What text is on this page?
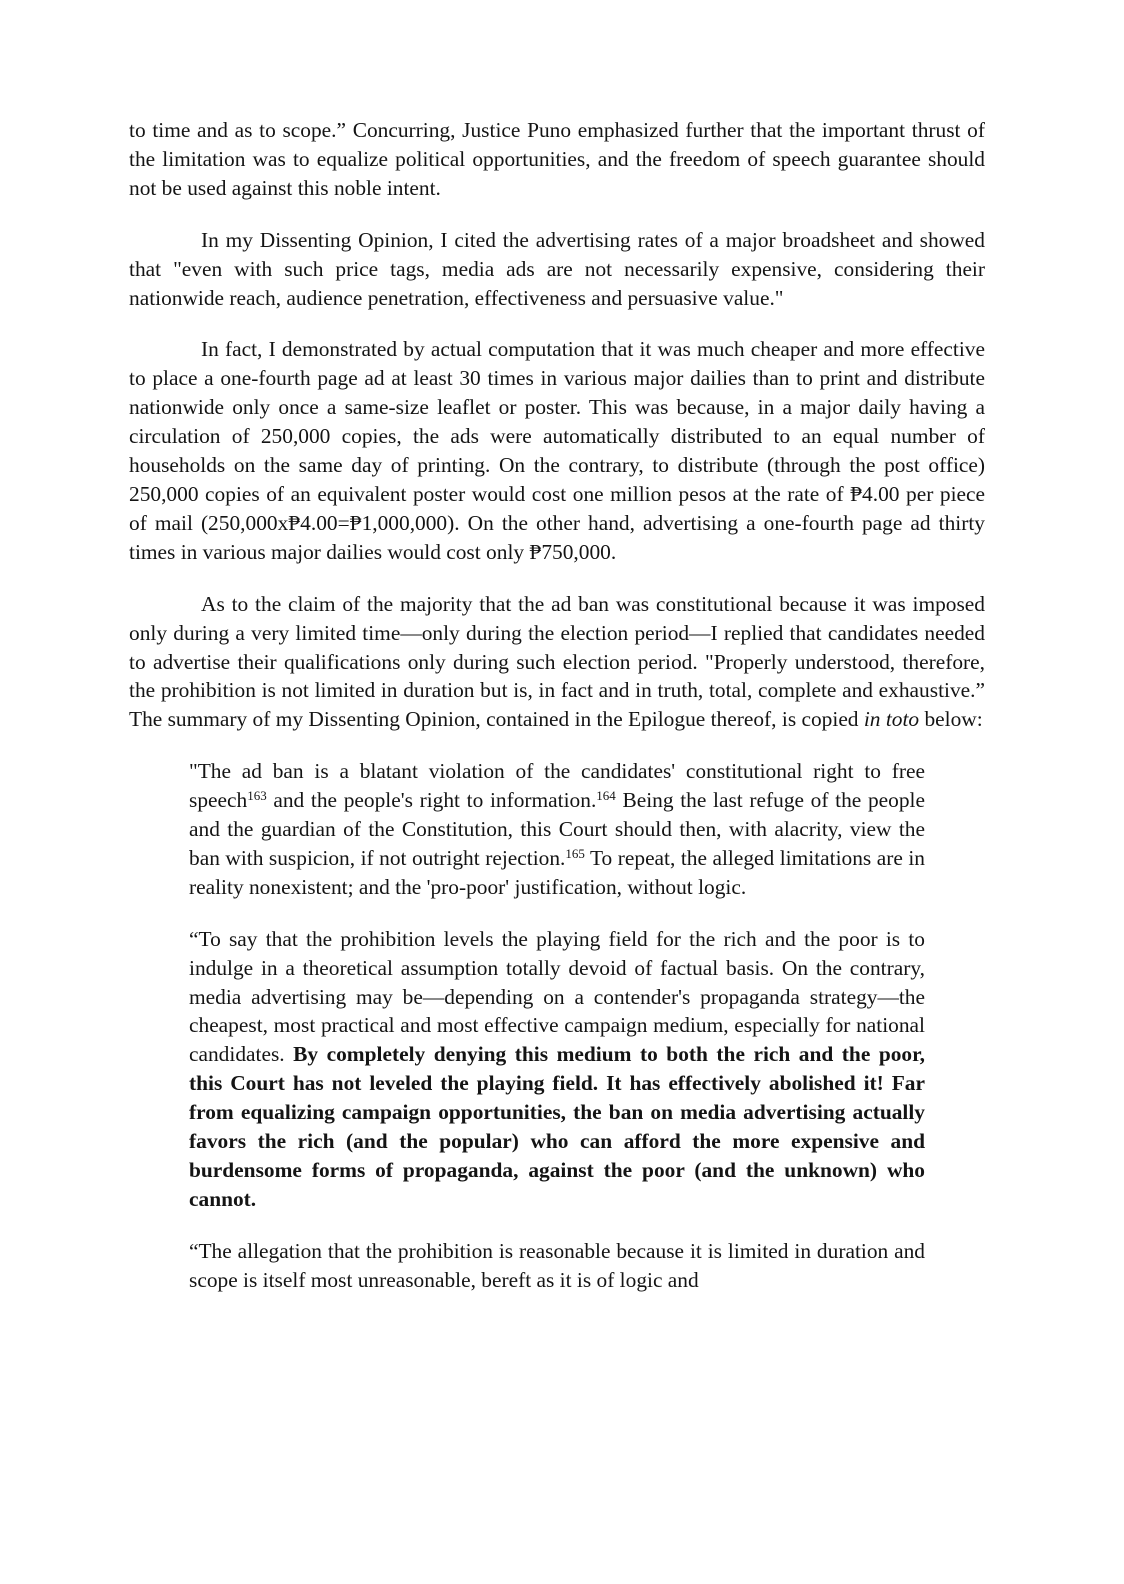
to time and as to scope.” Concurring, Justice Puno emphasized further that the important thrust of the limitation was to equalize political opportunities, and the freedom of speech guarantee should not be used against this noble intent.

In my Dissenting Opinion, I cited the advertising rates of a major broadsheet and showed that "even with such price tags, media ads are not necessarily expensive, considering their nationwide reach, audience penetration, effectiveness and persuasive value."

In fact, I demonstrated by actual computation that it was much cheaper and more effective to place a one-fourth page ad at least 30 times in various major dailies than to print and distribute nationwide only once a same-size leaflet or poster. This was because, in a major daily having a circulation of 250,000 copies, the ads were automatically distributed to an equal number of households on the same day of printing. On the contrary, to distribute (through the post office) 250,000 copies of an equivalent poster would cost one million pesos at the rate of ₱4.00 per piece of mail (250,000x₱4.00=₱1,000,000). On the other hand, advertising a one-fourth page ad thirty times in various major dailies would cost only ₱750,000.

As to the claim of the majority that the ad ban was constitutional because it was imposed only during a very limited time—only during the election period—I replied that candidates needed to advertise their qualifications only during such election period. "Properly understood, therefore, the prohibition is not limited in duration but is, in fact and in truth, total, complete and exhaustive.” The summary of my Dissenting Opinion, contained in the Epilogue thereof, is copied in toto below:

"The ad ban is a blatant violation of the candidates' constitutional right to free speech$^{163}$ and the people's right to information.$^{164}$ Being the last refuge of the people and the guardian of the Constitution, this Court should then, with alacrity, view the ban with suspicion, if not outright rejection.$^{165}$ To repeat, the alleged limitations are in reality nonexistent; and the 'pro-poor' justification, without logic.

“To say that the prohibition levels the playing field for the rich and the poor is to indulge in a theoretical assumption totally devoid of factual basis. On the contrary, media advertising may be—depending on a contender's propaganda strategy—the cheapest, most practical and most effective campaign medium, especially for national candidates. By completely denying this medium to both the rich and the poor, this Court has not leveled the playing field. It has effectively abolished it! Far from equalizing campaign opportunities, the ban on media advertising actually favors the rich (and the popular) who can afford the more expensive and burdensome forms of propaganda, against the poor (and the unknown) who cannot.

“The allegation that the prohibition is reasonable because it is limited in duration and scope is itself most unreasonable, bereft as it is of logic and
